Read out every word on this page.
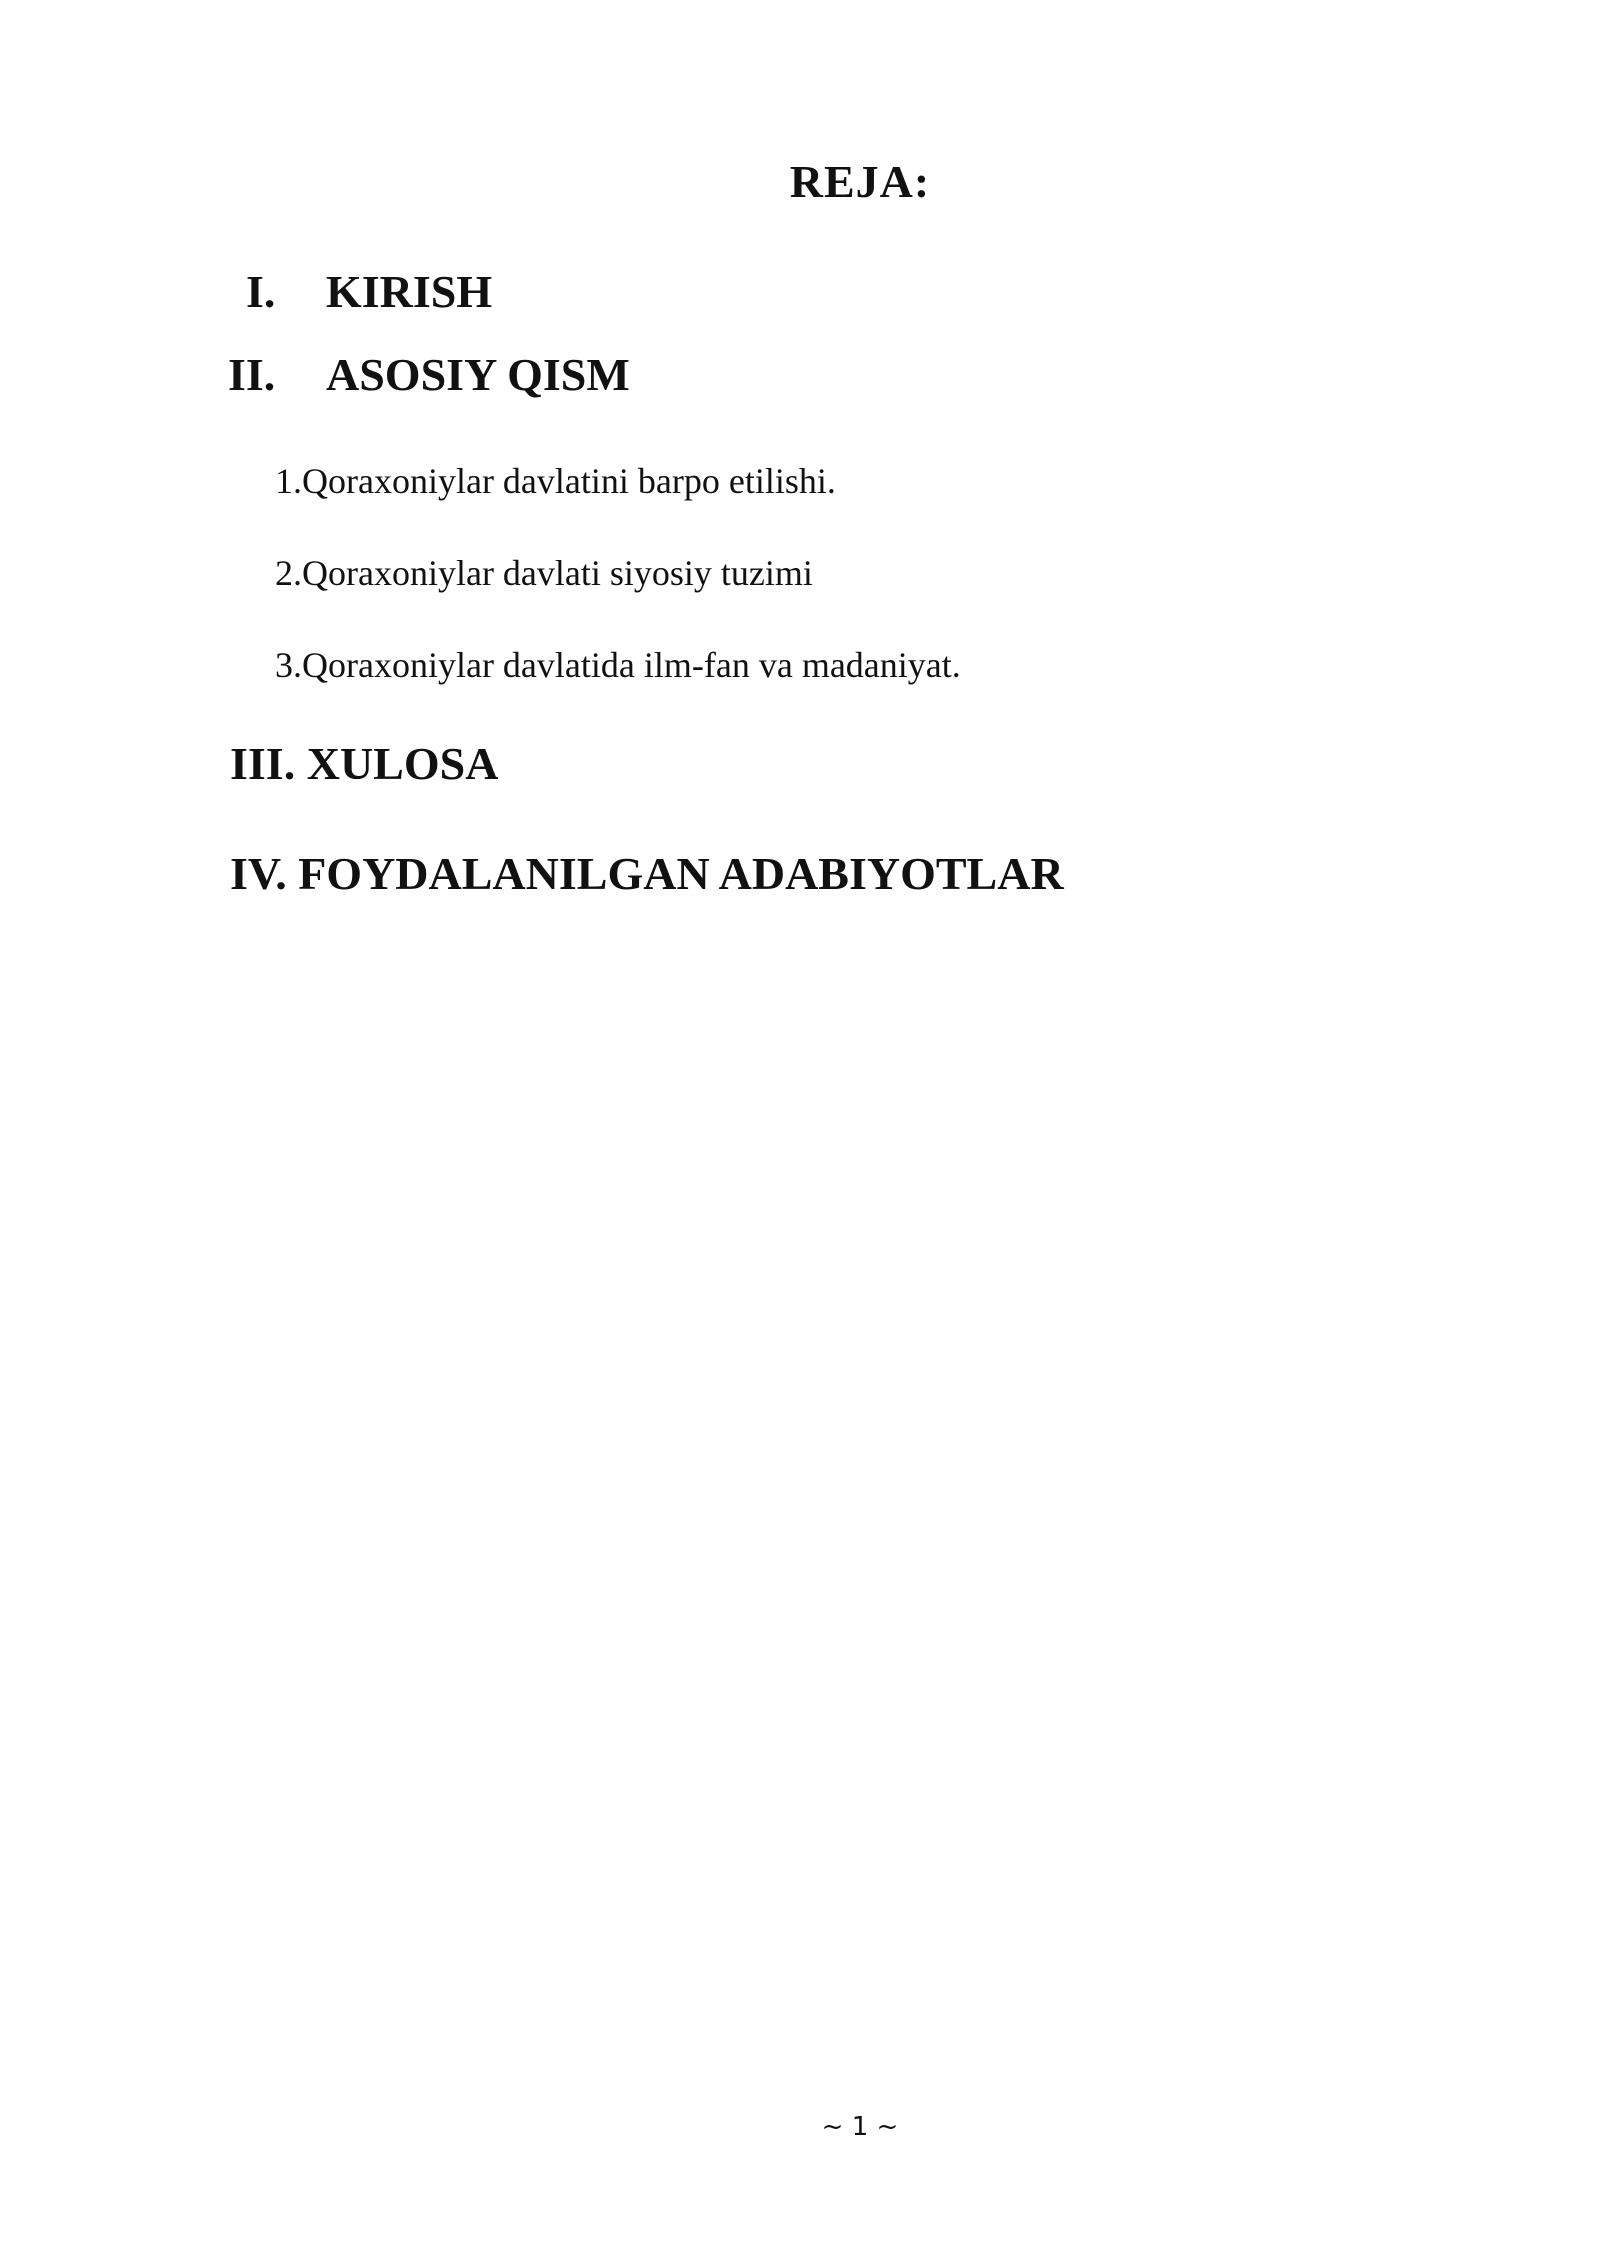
REJA:
I. KIRISH
II. ASOSIY QISM

1.Qoraxoniylar davlatini barpo etilishi.

2.Qoraxoniylar davlati siyosiy tuzimi

3.Qoraxoniylar davlatida ilm-fan va madaniyat.

III. XULOSA
IV. FOYDALANILGAN ADABIYOTLAR
~ 1 ~
